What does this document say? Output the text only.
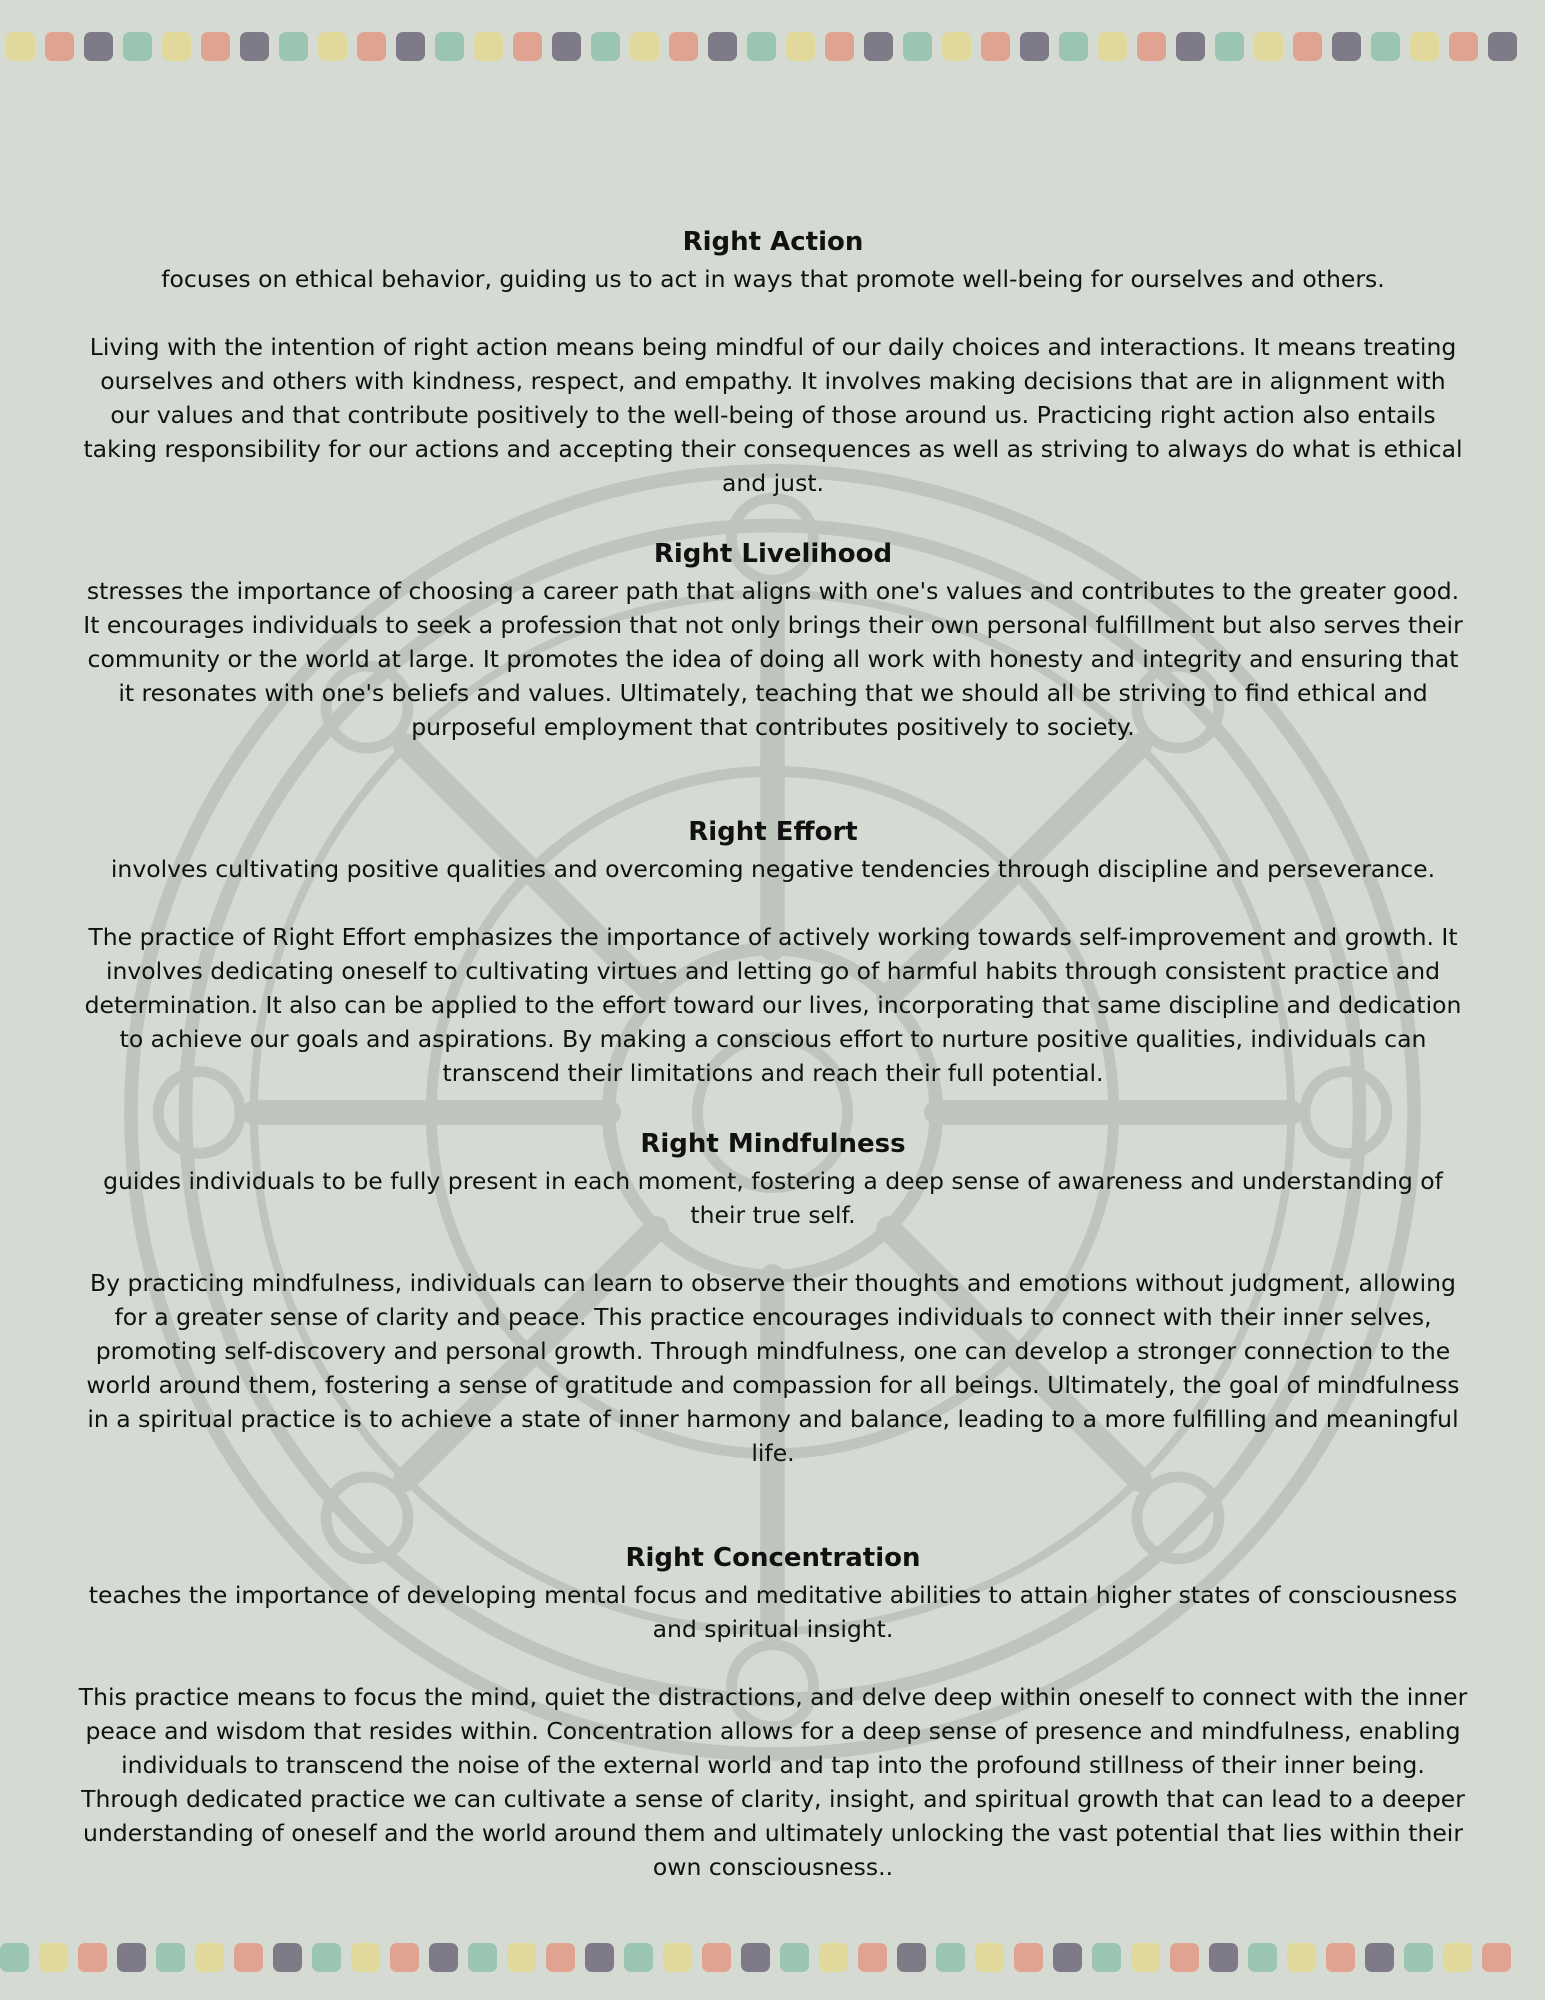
Right Action

focuses on ethical behavior, guiding us to act in ways that promote well-being for ourselves and others.

Living with the intention of right action means being mindful of our daily choices and interactions. It means treating ourselves and others with kindness, respect, and empathy. It involves making decisions that are in alignment with our values and that contribute positively to the well-being of those around us. Practicing right action also entails taking responsibility for our actions and accepting their consequences as well as striving to always do what is ethical and just.

Right Livelihood

stresses the importance of choosing a career path that aligns with one's values and contributes to the greater good.

It encourages individuals to seek a profession that not only brings their own personal fulfillment but also serves their community or the world at large. It promotes the idea of doing all work with honesty and integrity and ensuring that it resonates with one's beliefs and values. Ultimately, teaching that we should all be striving to find ethical and purposeful employment that contributes positively to society.

Right Effort

involves cultivating positive qualities and overcoming negative tendencies through discipline and perseverance.

The practice of Right Effort emphasizes the importance of actively working towards self-improvement and growth. It involves dedicating oneself to cultivating virtues and letting go of harmful habits through consistent practice and determination. It also can be applied to the effort toward our lives, incorporating that same discipline and dedication to achieve our goals and aspirations. By making a conscious effort to nurture positive qualities, individuals can transcend their limitations and reach their full potential.

Right Mindfulness

guides individuals to be fully present in each moment, fostering a deep sense of awareness and understanding of their true self.

By practicing mindfulness, individuals can learn to observe their thoughts and emotions without judgment, allowing for a greater sense of clarity and peace. This practice encourages individuals to connect with their inner selves, promoting self-discovery and personal growth. Through mindfulness, one can develop a stronger connection to the world around them, fostering a sense of gratitude and compassion for all beings. Ultimately, the goal of mindfulness in a spiritual practice is to achieve a state of inner harmony and balance, leading to a more fulfilling and meaningful life.

Right Concentration

teaches the importance of developing mental focus and meditative abilities to attain higher states of consciousness and spiritual insight.

This practice means to focus the mind, quiet the distractions, and delve deep within oneself to connect with the inner peace and wisdom that resides within. Concentration allows for a deep sense of presence and mindfulness, enabling individuals to transcend the noise of the external world and tap into the profound stillness of their inner being. Through dedicated practice we can cultivate a sense of clarity, insight, and spiritual growth that can lead to a deeper understanding of oneself and the world around them and ultimately unlocking the vast potential that lies within their own consciousness..
